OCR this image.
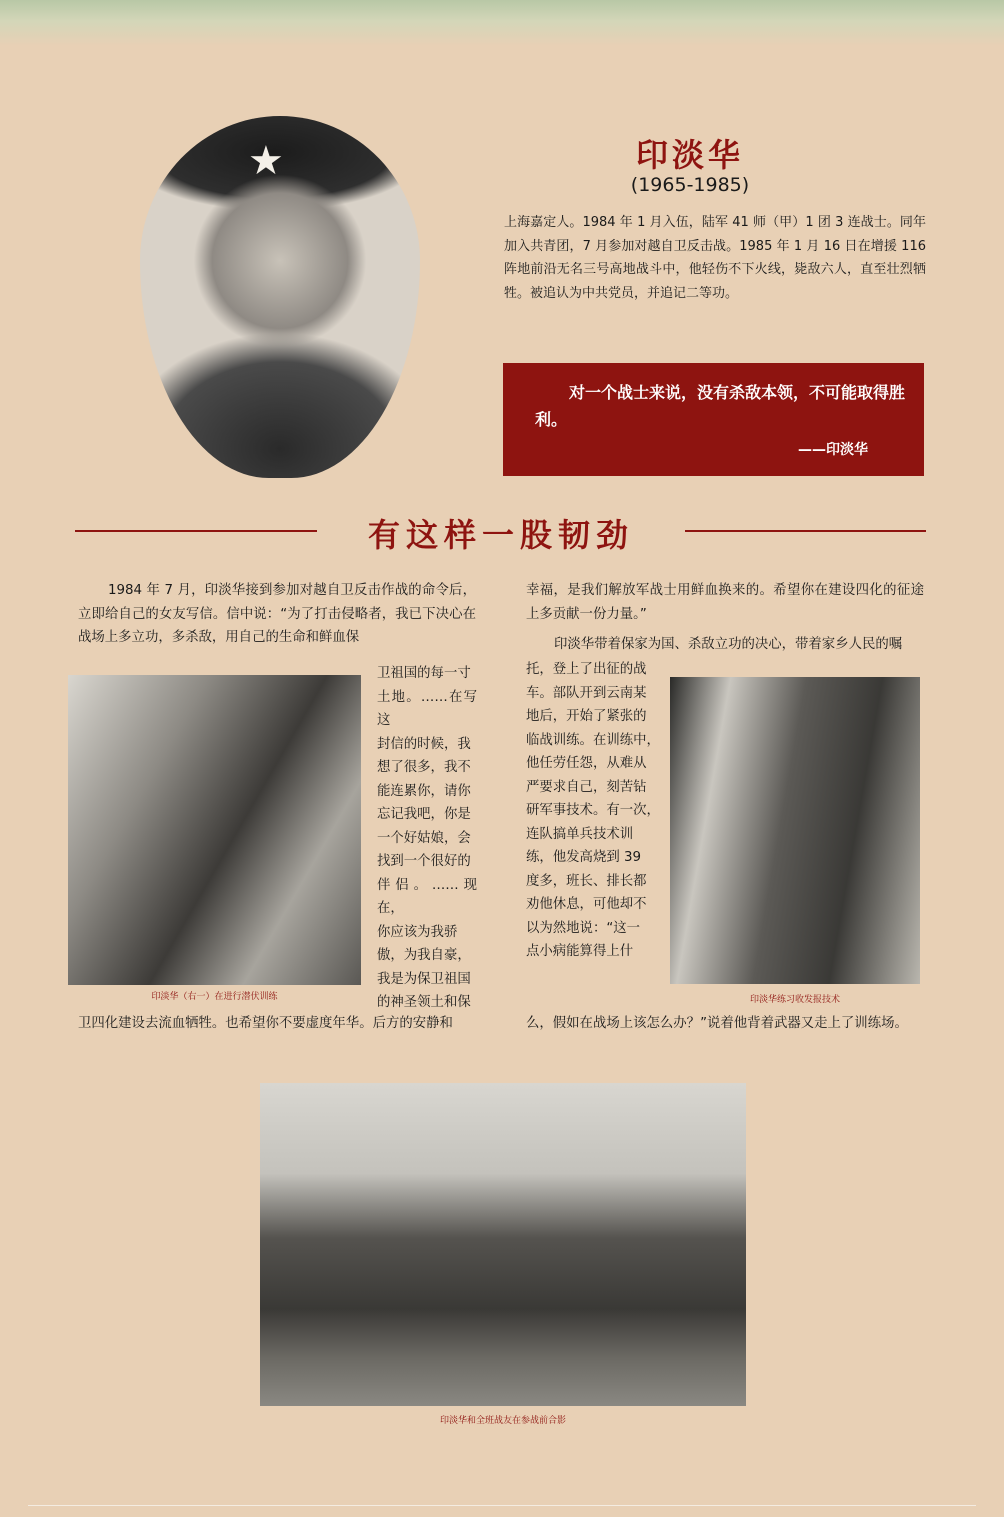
★	印淡华

(1965-1985)

上海嘉定人。1984 年 1 月入伍，陆军 41 师（甲）1 团 3 连战士。同年加入共青团，7 月参加对越自卫反击战。1985 年 1 月 16 日在增援 116 阵地前沿无名三号高地战斗中，他轻伤不下火线，毙敌六人，直至壮烈牺牲。被追认为中共党员，并追记二等功。

对一个战士来说，没有杀敌本领，不可能取得胜利。

——印淡华
有这样一股韧劲

1984 年 7 月，印淡华接到参加对越自卫反击作战的命令后，立即给自己的女友写信。信中说：“为了打击侵略者，我已下决心在战场上多立功，多杀敌，用自己的生命和鲜血保

印淡华（右一）在进行潜伏训练

卫祖国的每一寸

土地。……在写这

封信的时候，我

想了很多，我不

能连累你，请你

忘记我吧，你是

一个好姑娘，会

找到一个很好的

伴侣。……现在，

你应该为我骄

傲，为我自豪，

我是为保卫祖国

的神圣领土和保

卫四化建设去流血牺牲。也希望你不要虚度年华。后方的安静和

幸福，是我们解放军战士用鲜血换来的。希望你在建设四化的征途上多贡献一份力量。”

印淡华带着保家为国、杀敌立功的决心，带着家乡人民的嘱

托，登上了出征的战

车。部队开到云南某

地后，开始了紧张的

临战训练。在训练中，

他任劳任怨，从难从

严要求自己，刻苦钻

研军事技术。有一次，

连队搞单兵技术训

练，他发高烧到 39

度多，班长、排长都

劝他休息，可他却不

以为然地说：“这一

点小病能算得上什

印淡华练习收发报技术

么，假如在战场上该怎么办？”说着他背着武器又走上了训练场。

印淡华和全班战友在参战前合影
